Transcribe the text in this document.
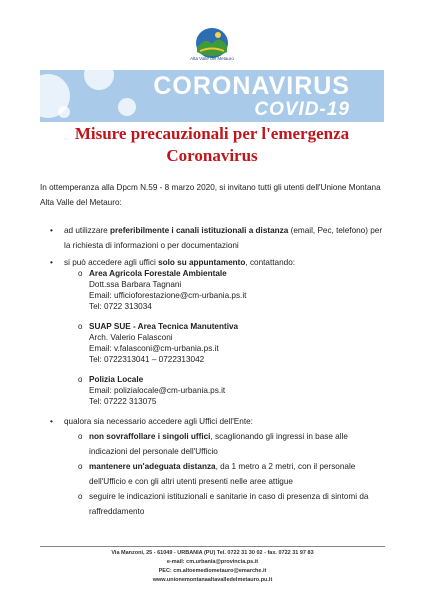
Alta Valle del Metauro
CORONAVIRUS
COVID-19
Misure precauzionali per l'emergenza
Coronavirus
In ottemperanza alla Dpcm N.59 - 8 marzo 2020, si invitano tutti gli utenti dell'Unione Montana Alta Valle del Metauro:
• ad utilizzare preferibilmente i canali istituzionali a distanza (email, Pec, telefono) per la richiesta di informazioni o per documentazioni
• si può accedere agli uffici solo su appuntamento, contattando:
o Area Agricola Forestale Ambientale
Dott.ssa Barbara Tagnani
Email: ufficioforestazione@cm-urbania.ps.it
Tel: 0722 313034
o SUAP SUE - Area Tecnica Manutentiva
Arch. Valerio Falasconi
Email: v.falasconi@cm-urbania.ps.it
Tel: 0722313041 – 0722313042
o Polizia Locale
Email: polizialocale@cm-urbania.ps.it
Tel: 07222 313075
• qualora sia necessario accedere agli Uffici dell'Ente:
o non sovraffollare i singoli uffici, scaglionando gli ingressi in base alle indicazioni del personale dell'Ufficio
o mantenere un'adeguata distanza, da 1 metro a 2 metri, con il personale dell'Ufficio e con gli altri utenti presenti nelle aree attigue
o seguire le indicazioni istituzionali e sanitarie in caso di presenza di sintomi da raffreddamento
Via Manzoni, 25 - 61049 - URBANIA (PU) Tel. 0722 31 30 02 - fax. 0722 31 97 83
e-mail: cm.urbania@provincia.ps.it
PEC: cm.altoemediometauro@emarche.it
www.unionemontanaaltavalledelmetauro.pu.it
